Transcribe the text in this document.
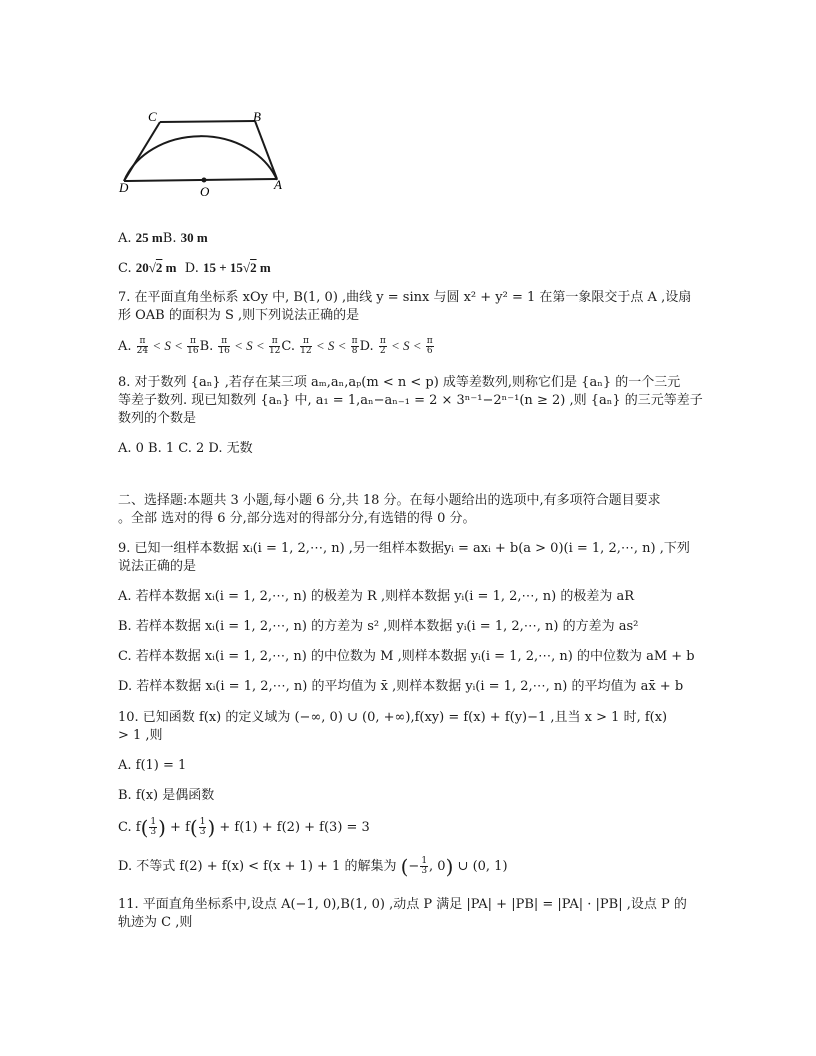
C	B
D	O	A
A. 25 mB. 30 m
C. 20√2 m D. 15 + 15√2 m
7. 在平面直角坐标系 xOy 中, B(1, 0) ,曲线 y = sinx 与圆 x² + y² = 1 在第一象限交于点 A ,设扇
形 OAB 的面积为 S ,则下列说法正确的是
A. $\frac{\pi}{24} < S < \frac{\pi}{16} B$. $\frac{\pi}{16} < S < \frac{\pi}{12} C$. $\frac{\pi}{12} < S < \frac{\pi}{8} D$. $\frac{\pi}{2} < S < \frac{\pi}{6}$
8. 对于数列 {aₙ} ,若存在某三项 aₘ,aₙ,aₚ(m < n < p) 成等差数列,则称它们是 {aₙ} 的一个三元
等差子数列. 现已知数列 {aₙ} 中, a₁ = 1,aₙ−aₙ₋₁ = 2 × 3ⁿ⁻¹−2ⁿ⁻¹(n ≥ 2) ,则 {aₙ} 的三元等差子
数列的个数是
A. 0 B. 1 C. 2 D. 无数
二、选择题:本题共 3 小题,每小题 6 分,共 18 分。在每小题给出的选项中,有多项符合题目要求
。全部 选对的得 6 分,部分选对的得部分分,有选错的得 0 分。
9. 已知一组样本数据 xᵢ(i = 1, 2,⋯, n) ,另一组样本数据yᵢ = axᵢ + b(a > 0)(i = 1, 2,⋯, n) ,下列
说法正确的是
A. 若样本数据 xᵢ(i = 1, 2,⋯, n) 的极差为 R ,则样本数据 yᵢ(i = 1, 2,⋯, n) 的极差为 aR
B. 若样本数据 xᵢ(i = 1, 2,⋯, n) 的方差为 s² ,则样本数据 yᵢ(i = 1, 2,⋯, n) 的方差为 as²
C. 若样本数据 xᵢ(i = 1, 2,⋯, n) 的中位数为 M ,则样本数据 yᵢ(i = 1, 2,⋯, n) 的中位数为 aM + b
D. 若样本数据 xᵢ(i = 1, 2,⋯, n) 的平均值为 x̄ ,则样本数据 yᵢ(i = 1, 2,⋯, n) 的平均值为 ax̄ + b
10. 已知函数 f(x) 的定义域为 (−∞, 0) ∪ (0, +∞),f(xy) = f(x) + f(y)−1 ,且当 x > 1 时, f(x)
> 1 ,则
A. f(1) = 1
B. f(x) 是偶函数
C. $f( \frac{1}{3}$ ) + $f( \frac{1}{3}$ ) + f(1) + f(2) + f(3) = 3
D. 不等式 f(2) + f(x) < f(x + 1) + 1 的解集为 (− $\frac{1}{3}$ , 0) ∪ (0, 1)
11. 平面直角坐标系中,设点 A(−1, 0),B(1, 0) ,动点 P 满足 |PA| + |PB| = |PA| · |PB| ,设点 P 的
轨迹为 C ,则
